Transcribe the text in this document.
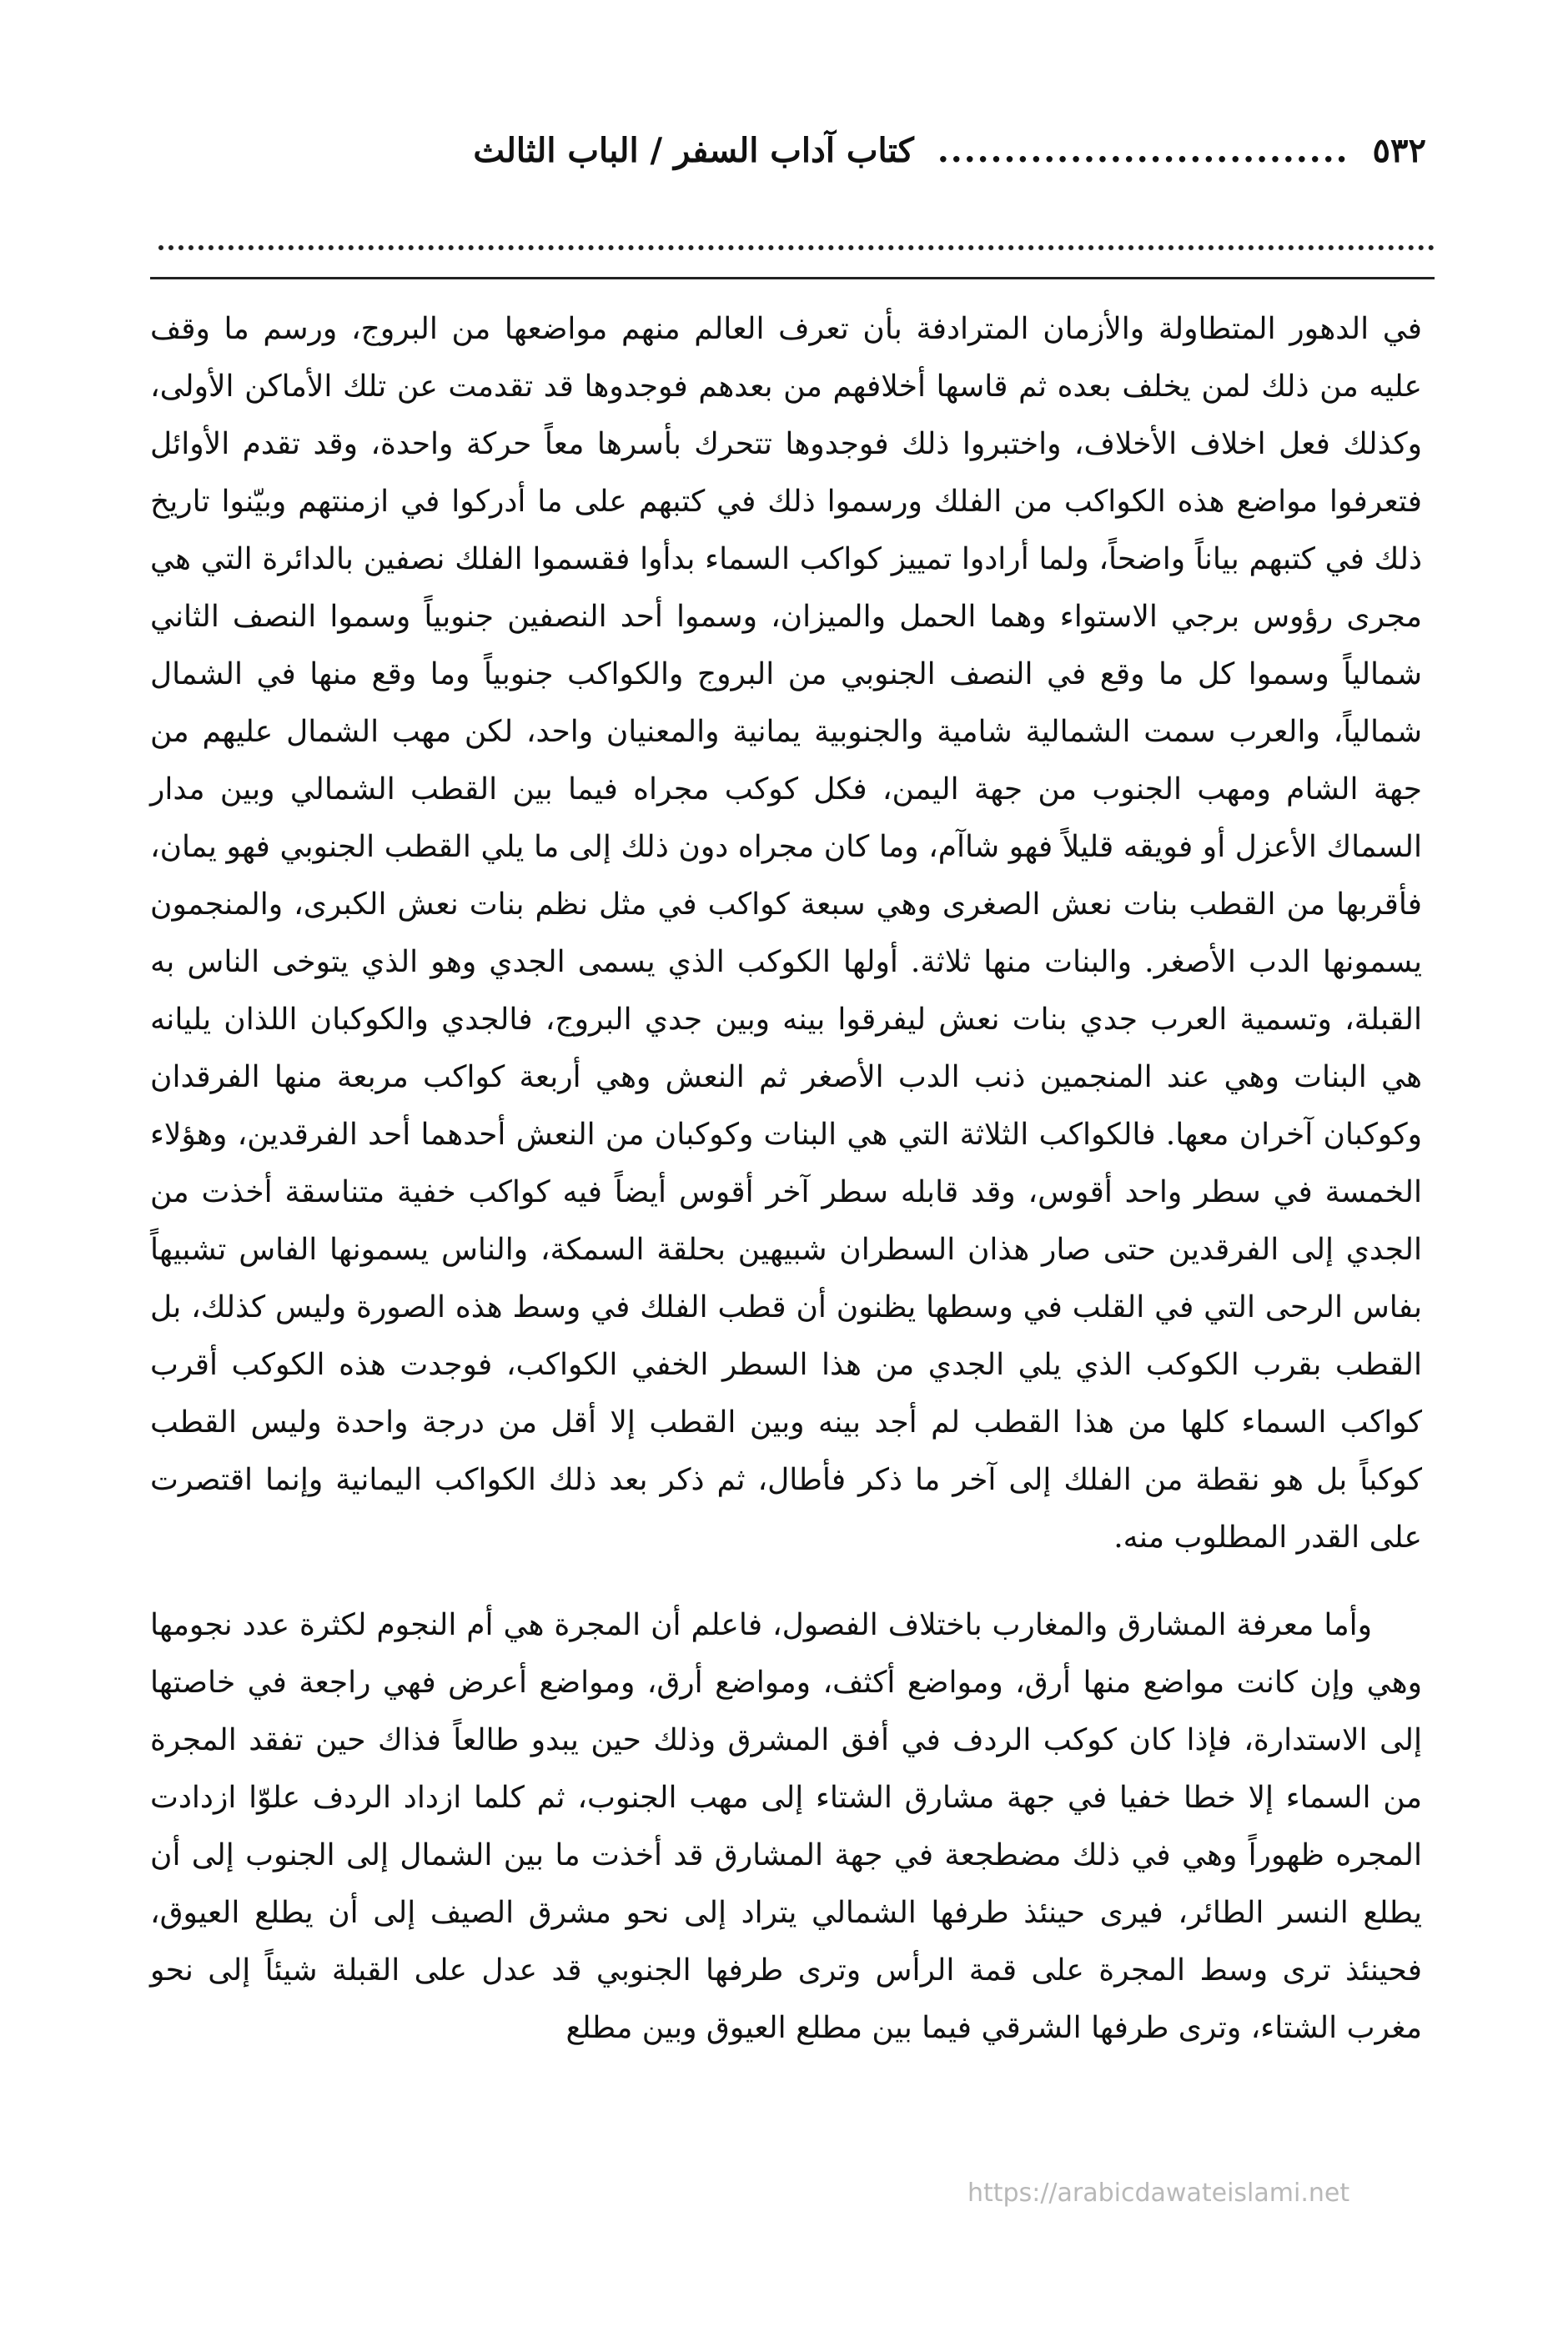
٥٣٢
...............................
كتاب آداب السفر / الباب الثالث

في الدهور المتطاولة والأزمان المترادفة بأن تعرف العالم منهم مواضعها من البروج، ورسم ما وقف عليه من ذلك لمن يخلف بعده ثم قاسها أخلافهم من بعدهم فوجدوها قد تقدمت عن تلك الأماكن الأولى، وكذلك فعل اخلاف الأخلاف، واختبروا ذلك فوجدوها تتحرك بأسرها معاً حركة واحدة، وقد تقدم الأوائل فتعرفوا مواضع هذه الكواكب من الفلك ورسموا ذلك في كتبهم على ما أدركوا في ازمنتهم وبيّنوا تاريخ ذلك في كتبهم بياناً واضحاً، ولما أرادوا تمييز كواكب السماء بدأوا فقسموا الفلك نصفين بالدائرة التي هي مجرى رؤوس برجي الاستواء وهما الحمل والميزان، وسموا أحد النصفين جنوبياً وسموا النصف الثاني شمالياً وسموا كل ما وقع في النصف الجنوبي من البروج والكواكب جنوبياً وما وقع منها في الشمال شمالياً، والعرب سمت الشمالية شامية والجنوبية يمانية والمعنيان واحد، لكن مهب الشمال عليهم من جهة الشام ومهب الجنوب من جهة اليمن، فكل كوكب مجراه فيما بين القطب الشمالي وبين مدار السماك الأعزل أو فويقه قليلاً فهو شاآم، وما كان مجراه دون ذلك إلى ما يلي القطب الجنوبي فهو يمان، فأقربها من القطب بنات نعش الصغرى وهي سبعة كواكب في مثل نظم بنات نعش الكبرى، والمنجمون يسمونها الدب الأصغر. والبنات منها ثلاثة. أولها الكوكب الذي يسمى الجدي وهو الذي يتوخى الناس به القبلة، وتسمية العرب جدي بنات نعش ليفرقوا بينه وبين جدي البروج، فالجدي والكوكبان اللذان يليانه هي البنات وهي عند المنجمين ذنب الدب الأصغر ثم النعش وهي أربعة كواكب مربعة منها الفرقدان وكوكبان آخران معها. فالكواكب الثلاثة التي هي البنات وكوكبان من النعش أحدهما أحد الفرقدين، وهؤلاء الخمسة في سطر واحد أقوس، وقد قابله سطر آخر أقوس أيضاً فيه كواكب خفية متناسقة أخذت من الجدي إلى الفرقدين حتى صار هذان السطران شبيهين بحلقة السمكة، والناس يسمونها الفاس تشبيهاً بفاس الرحى التي في القلب في وسطها يظنون أن قطب الفلك في وسط هذه الصورة وليس كذلك، بل القطب بقرب الكوكب الذي يلي الجدي من هذا السطر الخفي الكواكب، فوجدت هذه الكوكب أقرب كواكب السماء كلها من هذا القطب لم أجد بينه وبين القطب إلا أقل من درجة واحدة وليس القطب كوكباً بل هو نقطة من الفلك إلى آخر ما ذكر فأطال، ثم ذكر بعد ذلك الكواكب اليمانية وإنما اقتصرت على القدر المطلوب منه.

وأما معرفة المشارق والمغارب باختلاف الفصول، فاعلم أن المجرة هي أم النجوم لكثرة عدد نجومها وهي وإن كانت مواضع منها أرق، ومواضع أكثف، ومواضع أرق، ومواضع أعرض فهي راجعة في خاصتها إلى الاستدارة، فإذا كان كوكب الردف في أفق المشرق وذلك حين يبدو طالعاً فذاك حين تفقد المجرة من السماء إلا خطا خفيا في جهة مشارق الشتاء إلى مهب الجنوب، ثم كلما ازداد الردف علوّا ازدادت المجره ظهوراً وهي في ذلك مضطجعة في جهة المشارق قد أخذت ما بين الشمال إلى الجنوب إلى أن يطلع النسر الطائر، فيرى حينئذ طرفها الشمالي يتراد إلى نحو مشرق الصيف إلى أن يطلع العيوق، فحينئذ ترى وسط المجرة على قمة الرأس وترى طرفها الجنوبي قد عدل على القبلة شيئاً إلى نحو مغرب الشتاء، وترى طرفها الشرقي فيما بين مطلع العيوق وبين مطلع

https://arabicdawateislami.net
